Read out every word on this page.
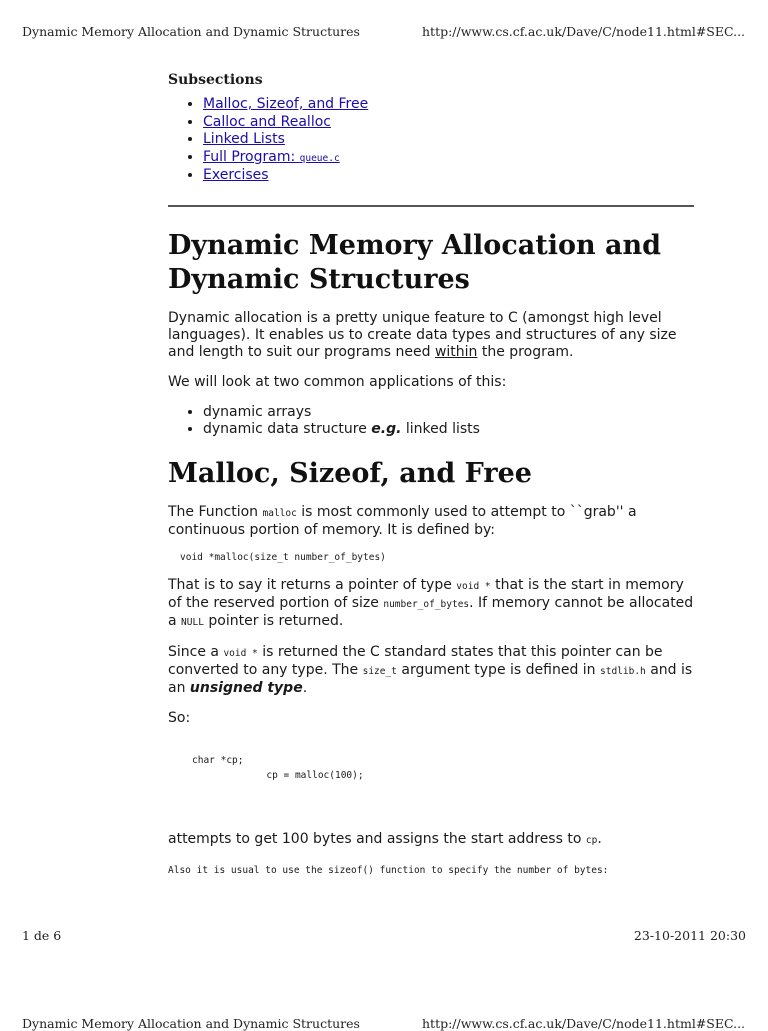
Dynamic Memory Allocation and Dynamic Structures	http://www.cs.cf.ac.uk/Dave/C/node11.html#SEC...
Subsections
• Malloc, Sizeof, and Free
• Calloc and Realloc
• Linked Lists
• Full Program: queue.c
• Exercises
Dynamic Memory Allocation and Dynamic Structures

Dynamic allocation is a pretty unique feature to C (amongst high level languages). It enables us to create data types and structures of any size and length to suit our programs need within the program.

We will look at two common applications of this:

• dynamic arrays
• dynamic data structure e.g. linked lists
Malloc, Sizeof, and Free

The Function malloc is most commonly used to attempt to ``grab'' a continuous portion of memory. It is defined by:

void *malloc(size_t number_of_bytes)

That is to say it returns a pointer of type void * that is the start in memory of the reserved portion of size number_of_bytes. If memory cannot be allocated a NULL pointer is returned.

Since a void * is returned the C standard states that this pointer can be converted to any type. The size_t argument type is defined in stdlib.h and is an unsigned type.

So:

char *cp;
cp = malloc(100);

attempts to get 100 bytes and assigns the start address to cp.

Also it is usual to use the sizeof() function to specify the number of bytes:

1 de 6	23-10-2011 20:30
Dynamic Memory Allocation and Dynamic Structures	http://www.cs.cf.ac.uk/Dave/C/node11.html#SEC...
